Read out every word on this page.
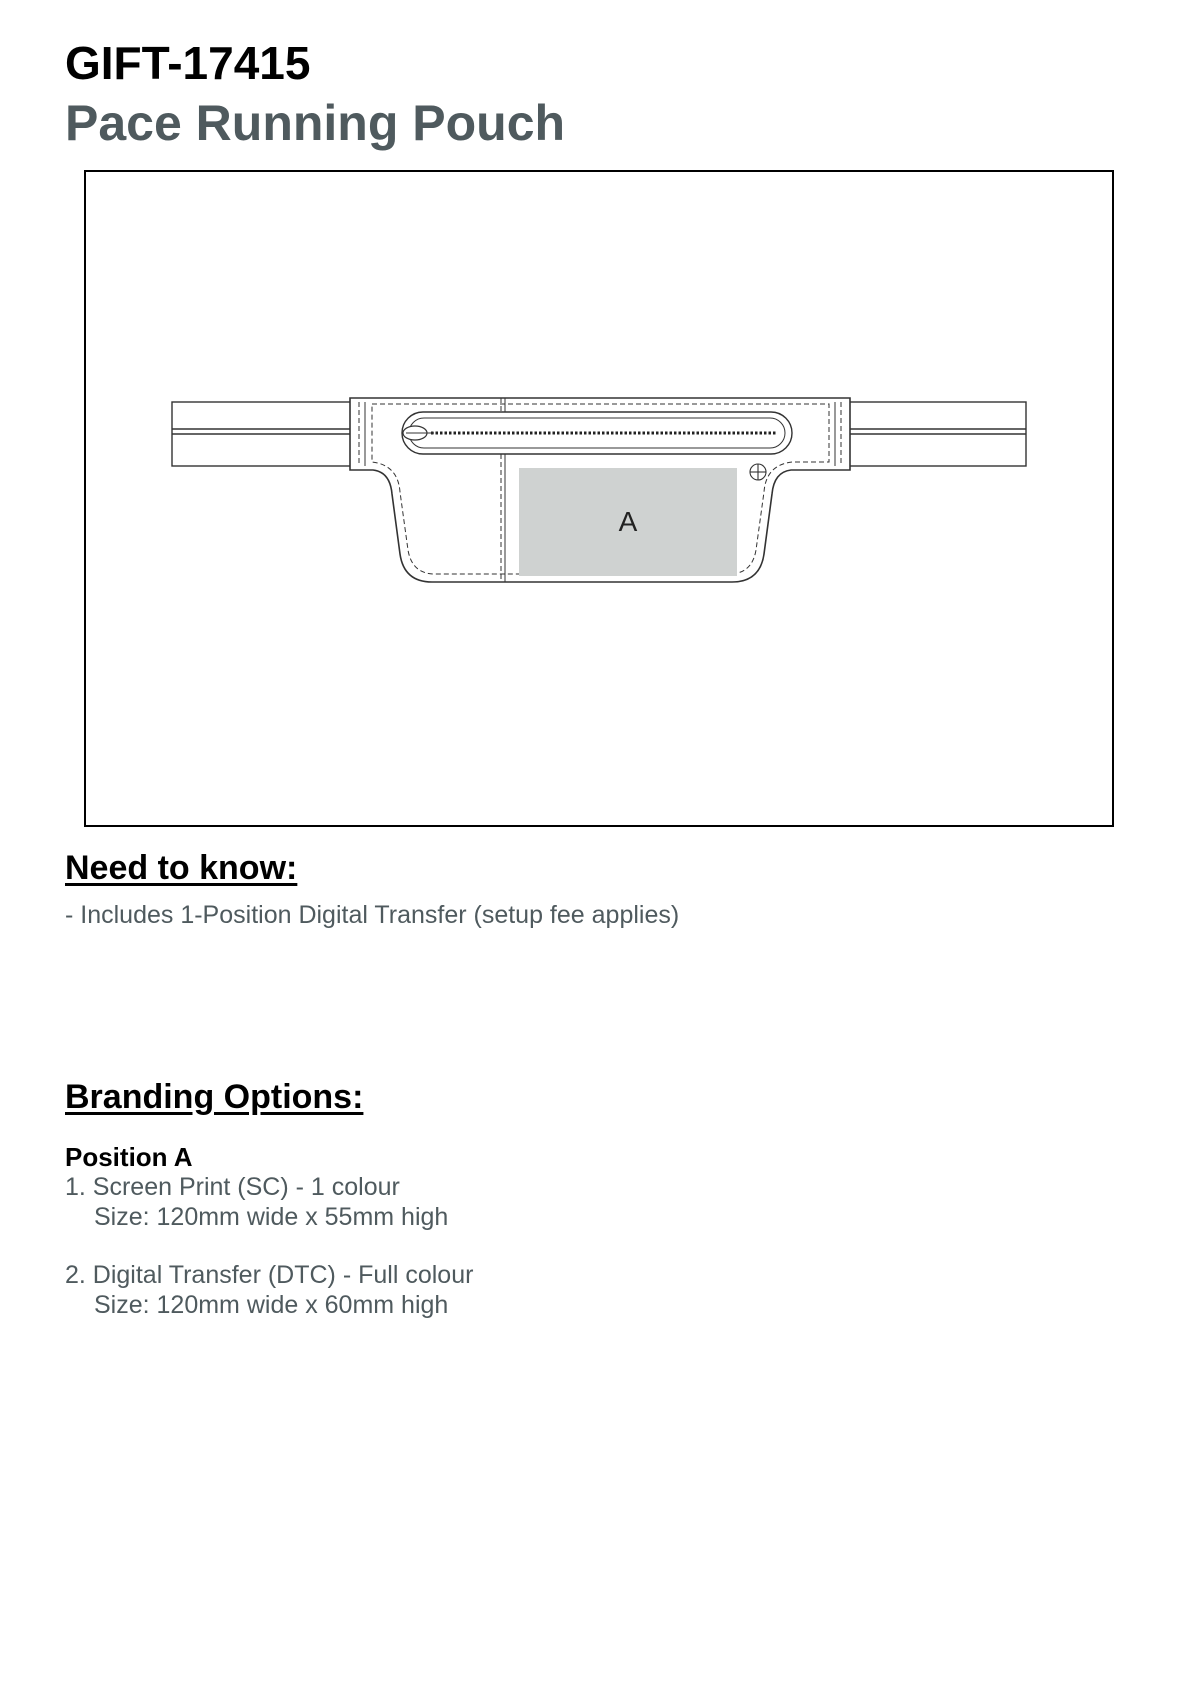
GIFT-17415
Pace Running Pouch
A
Need to know:
- Includes 1-Position Digital Transfer (setup fee applies)
Branding Options:
Position A
1. Screen Print (SC) - 1 colour
Size: 120mm wide x 55mm high
2. Digital Transfer (DTC) - Full colour
Size: 120mm wide x 60mm high
